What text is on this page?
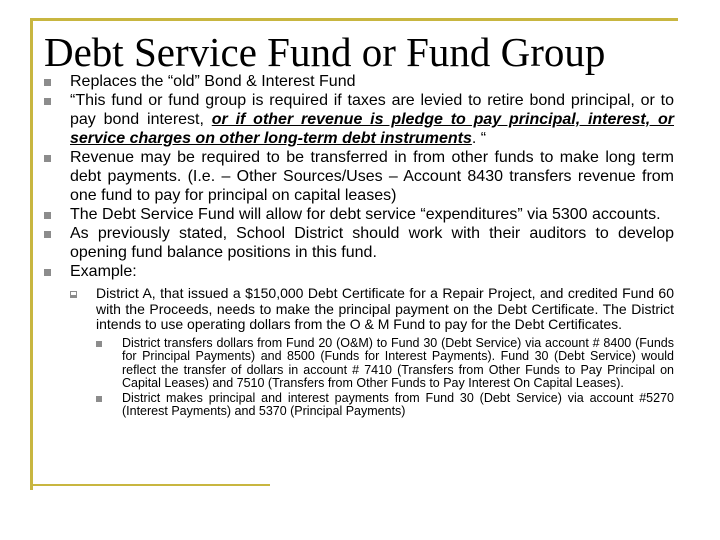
Debt Service Fund or Fund Group
Replaces the “old” Bond & Interest Fund
“This fund or fund group is required if taxes are levied to retire bond principal, or to pay bond interest, or if other revenue is pledge to pay principal, interest, or service charges on other long-term debt instruments. “
Revenue may be required to be transferred in from other funds to make long term debt payments. (I.e. – Other Sources/Uses – Account 8430 transfers revenue from one fund to pay for principal on capital leases)
The Debt Service Fund will allow for debt service “expenditures” via 5300 accounts.
As previously stated, School District should work with their auditors to develop opening fund balance positions in this fund.
Example:
District A, that issued a $150,000 Debt Certificate for a Repair Project, and credited Fund 60 with the Proceeds, needs to make the principal payment on the Debt Certificate. The District intends to use operating dollars from the O & M Fund to pay for the Debt Certificates.
District transfers dollars from Fund 20 (O&M) to Fund 30 (Debt Service) via account # 8400 (Funds for Principal Payments) and 8500 (Funds for Interest Payments). Fund 30 (Debt Service) would reflect the transfer of dollars in account # 7410 (Transfers from Other Funds to Pay Principal on Capital Leases) and 7510 (Transfers from Other Funds to Pay Interest On Capital Leases).
District makes principal and interest payments from Fund 30 (Debt Service) via account #5270 (Interest Payments) and 5370 (Principal Payments)
